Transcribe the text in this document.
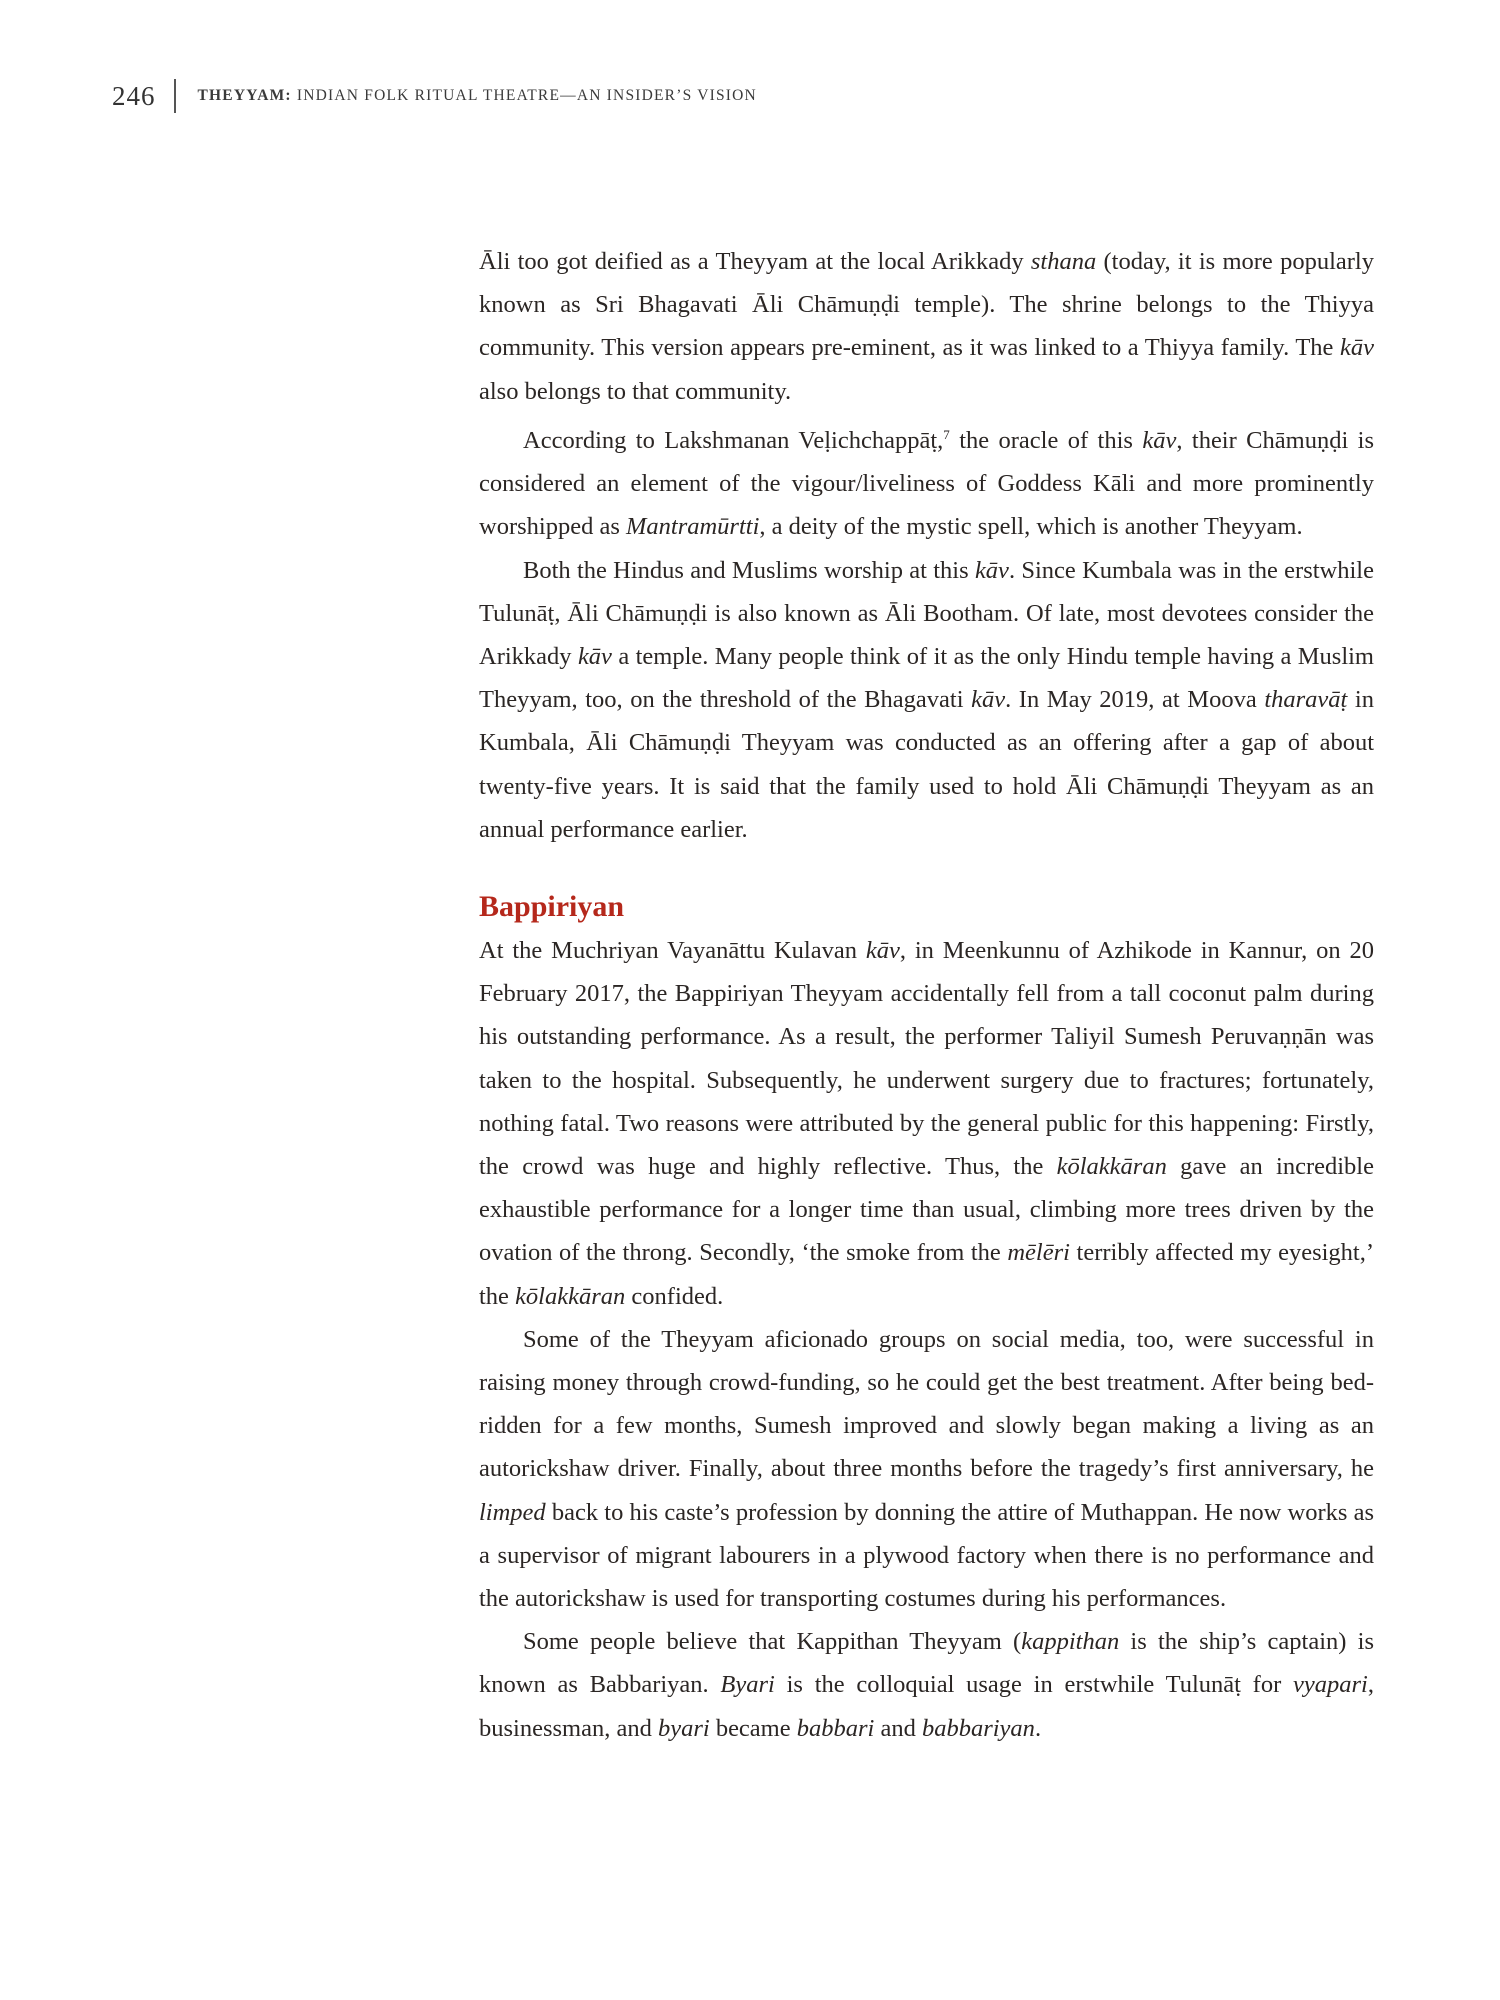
246	THEYYAM: INDIAN FOLK RITUAL THEATRE—AN INSIDER’S VISION

Āli too got deified as a Theyyam at the local Arikkady sthana (today, it is more popularly known as Sri Bhagavati Āli Chāmuṇḍi temple). The shrine belongs to the Thiyya community. This version appears pre-eminent, as it was linked to a Thiyya family. The kāv also belongs to that community.

According to Lakshmanan Veḷichchappāṭ,$^7$ the oracle of this kāv, their Chāmuṇḍi is considered an element of the vigour/liveliness of Goddess Kāli and more prominently worshipped as Mantramūrtti, a deity of the mystic spell, which is another Theyyam.

Both the Hindus and Muslims worship at this kāv. Since Kumbala was in the erstwhile Tulunāṭ, Āli Chāmuṇḍi is also known as Āli Bootham. Of late, most devotees consider the Arikkady kāv a temple. Many people think of it as the only Hindu temple having a Muslim Theyyam, too, on the threshold of the Bhagavati kāv. In May 2019, at Moova tharavāṭ in Kumbala, Āli Chāmuṇḍi Theyyam was conducted as an offering after a gap of about twenty-five years. It is said that the family used to hold Āli Chāmuṇḍi Theyyam as an annual performance earlier.

Bappiriyan

At the Muchriyan Vayanāttu Kulavan kāv, in Meenkunnu of Azhikode in Kannur, on 20 February 2017, the Bappiriyan Theyyam accidentally fell from a tall coconut palm during his outstanding performance. As a result, the performer Taliyil Sumesh Peruvaṇṇān was taken to the hospital. Subsequently, he underwent surgery due to fractures; fortunately, nothing fatal. Two reasons were attributed by the general public for this happening: Firstly, the crowd was huge and highly reflective. Thus, the kōlakkāran gave an incredible exhaustible performance for a longer time than usual, climbing more trees driven by the ovation of the throng. Secondly, ‘the smoke from the mēlēri terribly affected my eyesight,’ the kōlakkāran confided.

Some of the Theyyam aficionado groups on social media, too, were successful in raising money through crowd-funding, so he could get the best treatment. After being bed-ridden for a few months, Sumesh improved and slowly began making a living as an autorickshaw driver. Finally, about three months before the tragedy’s first anniversary, he limped back to his caste’s profession by donning the attire of Muthappan. He now works as a supervisor of migrant labourers in a plywood factory when there is no performance and the autorickshaw is used for transporting costumes during his performances.

Some people believe that Kappithan Theyyam (kappithan is the ship’s captain) is known as Babbariyan. Byari is the colloquial usage in erstwhile Tulunāṭ for vyapari, businessman, and byari became babbari and babbariyan.
